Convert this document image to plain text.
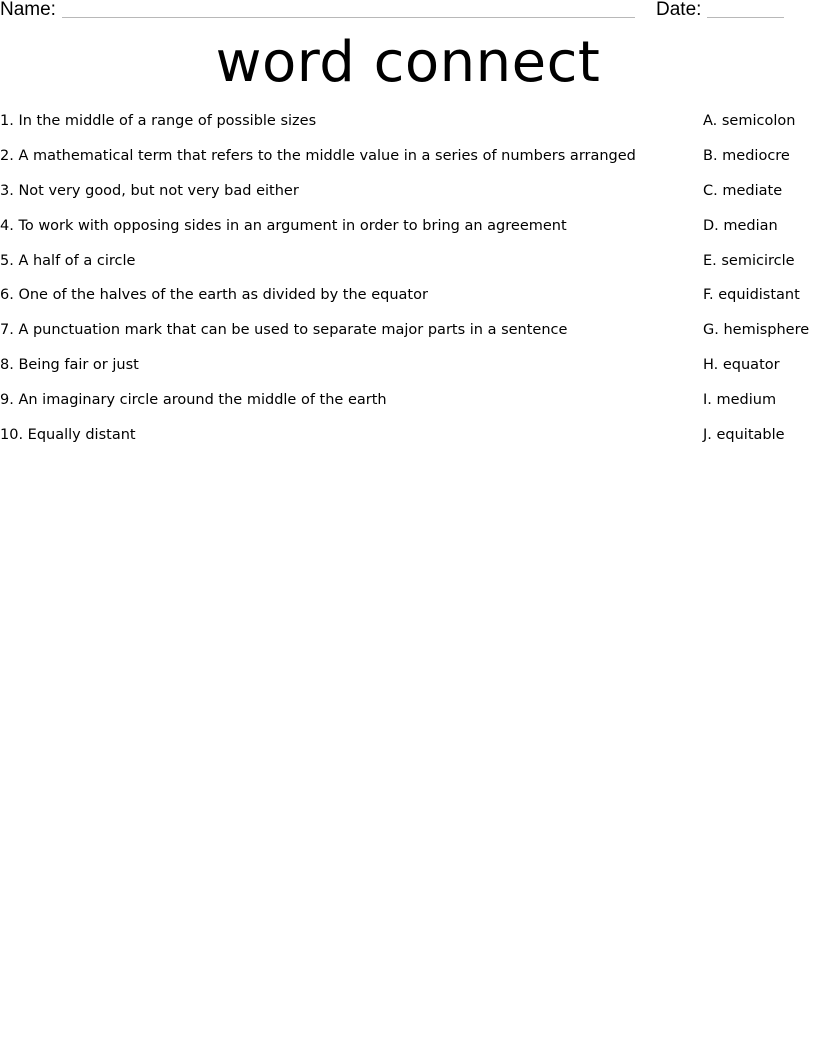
Name:	Date:
word connect
1. In the middle of a range of possible sizes	A. semicolon
2. A mathematical term that refers to the middle value in a series of numbers arranged	B. mediocre
3. Not very good, but not very bad either	C. mediate
4. To work with opposing sides in an argument in order to bring an agreement	D. median
5. A half of a circle	E. semicircle
6. One of the halves of the earth as divided by the equator	F. equidistant
7. A punctuation mark that can be used to separate major parts in a sentence	G. hemisphere
8. Being fair or just	H. equator
9. An imaginary circle around the middle of the earth	I. medium
10. Equally distant	J. equitable
